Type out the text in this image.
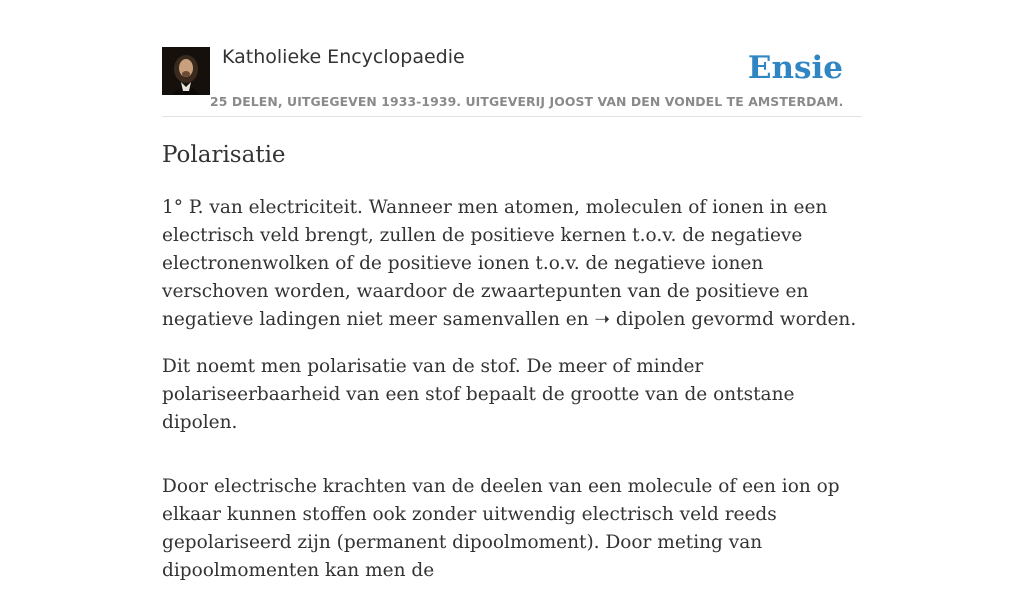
Katholieke Encyclopaedie	Ensie
25 DELEN, UITGEGEVEN 1933-1939. UITGEVERIJ JOOST VAN DEN VONDEL TE AMSTERDAM.
Polarisatie

1° P. van electriciteit. Wanneer men atomen, moleculen of ionen in een electrisch veld brengt, zullen de positieve kernen t.o.v. de negatieve electronenwolken of de positieve ionen t.o.v. de negatieve ionen verschoven worden, waardoor de zwaartepunten van de positieve en negatieve ladingen niet meer samenvallen en ➝ dipolen gevormd worden.

Dit noemt men polarisatie van de stof. De meer of minder polariseerbaarheid van een stof bepaalt de grootte van de ontstane dipolen.

Door electrische krachten van de deelen van een molecule of een ion op elkaar kunnen stoffen ook zonder uitwendig electrisch veld reeds gepolariseerd zijn (permanent dipoolmoment). Door meting van dipoolmomenten kan men de
